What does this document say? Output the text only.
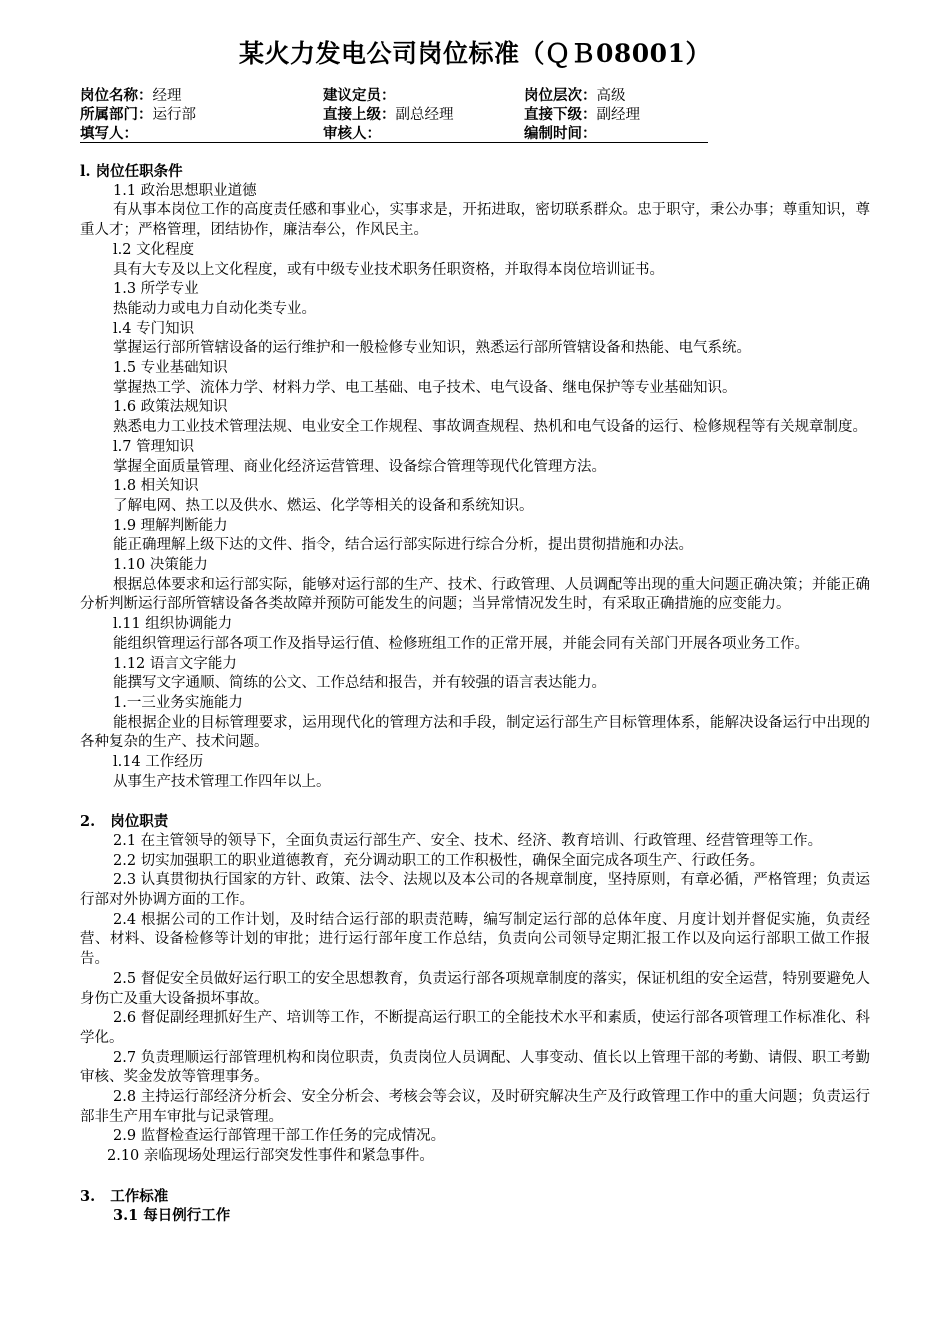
某火力发电公司岗位标准（ＱＢ08001）
岗位名称：经理	建议定员：	岗位层次：高级
所属部门：运行部	直接上级：副总经理	直接下级：副经理
填写人：	审核人：	编制时间：

l. 岗位任职条件

1.1 政治思想职业道德

有从事本岗位工作的高度责任感和事业心，实事求是，开拓进取，密切联系群众。忠于职守，秉公办事；尊重知识，尊重人才；严格管理，团结协作，廉洁奉公，作风民主。

l.2 文化程度

具有大专及以上文化程度，或有中级专业技术职务任职资格，并取得本岗位培训证书。

1.3 所学专业

热能动力或电力自动化类专业。

l.4 专门知识

掌握运行部所管辖设备的运行维护和一般检修专业知识，熟悉运行部所管辖设备和热能、电气系统。

1.5 专业基础知识

掌握热工学、流体力学、材料力学、电工基础、电子技术、电气设备、继电保护等专业基础知识。

1.6 政策法规知识

熟悉电力工业技术管理法规、电业安全工作规程、事故调查规程、热机和电气设备的运行、检修规程等有关规章制度。

l.7 管理知识

掌握全面质量管理、商业化经济运营管理、设备综合管理等现代化管理方法。

1.8 相关知识

了解电网、热工以及供水、燃运、化学等相关的设备和系统知识。

1.9 理解判断能力

能正确理解上级下达的文件、指令，结合运行部实际进行综合分析，提出贯彻措施和办法。

1.10 决策能力

根据总体要求和运行部实际，能够对运行部的生产、技术、行政管理、人员调配等出现的重大问题正确决策；并能正确分析判断运行部所管辖设备各类故障并预防可能发生的问题；当异常情况发生时，有采取正确措施的应变能力。

l.11 组织协调能力

能组织管理运行部各项工作及指导运行值、检修班组工作的正常开展，并能会同有关部门开展各项业务工作。

1.12 语言文字能力

能撰写文字通顺、简练的公文、工作总结和报告，并有较强的语言表达能力。

1.一三业务实施能力

能根据企业的目标管理要求，运用现代化的管理方法和手段，制定运行部生产目标管理体系，能解决设备运行中出现的各种复杂的生产、技术问题。

l.14 工作经历

从事生产技术管理工作四年以上。

2.   岗位职责

2.1 在主管领导的领导下，全面负责运行部生产、安全、技术、经济、教育培训、行政管理、经营管理等工作。

2.2 切实加强职工的职业道德教育，充分调动职工的工作积极性，确保全面完成各项生产、行政任务。

2.3 认真贯彻执行国家的方针、政策、法令、法规以及本公司的各规章制度，坚持原则，有章必循，严格管理；负责运行部对外协调方面的工作。

2.4 根据公司的工作计划，及时结合运行部的职责范畴，编写制定运行部的总体年度、月度计划并督促实施，负责经营、材料、设备检修等计划的审批；进行运行部年度工作总结，负责向公司领导定期汇报工作以及向运行部职工做工作报告。

2.5 督促安全员做好运行职工的安全思想教育，负责运行部各项规章制度的落实，保证机组的安全运营，特别要避免人身伤亡及重大设备损坏事故。

2.6 督促副经理抓好生产、培训等工作，不断提高运行职工的全能技术水平和素质，使运行部各项管理工作标准化、科学化。

2.7 负责理顺运行部管理机构和岗位职责，负责岗位人员调配、人事变动、值长以上管理干部的考勤、请假、职工考勤审核、奖金发放等管理事务。

2.8 主持运行部经济分析会、安全分析会、考核会等会议，及时研究解决生产及行政管理工作中的重大问题；负责运行部非生产用车审批与记录管理。

2.9 监督检查运行部管理干部工作任务的完成情况。

2.10 亲临现场处理运行部突发性事件和紧急事件。

3.   工作标准

3.1 每日例行工作
